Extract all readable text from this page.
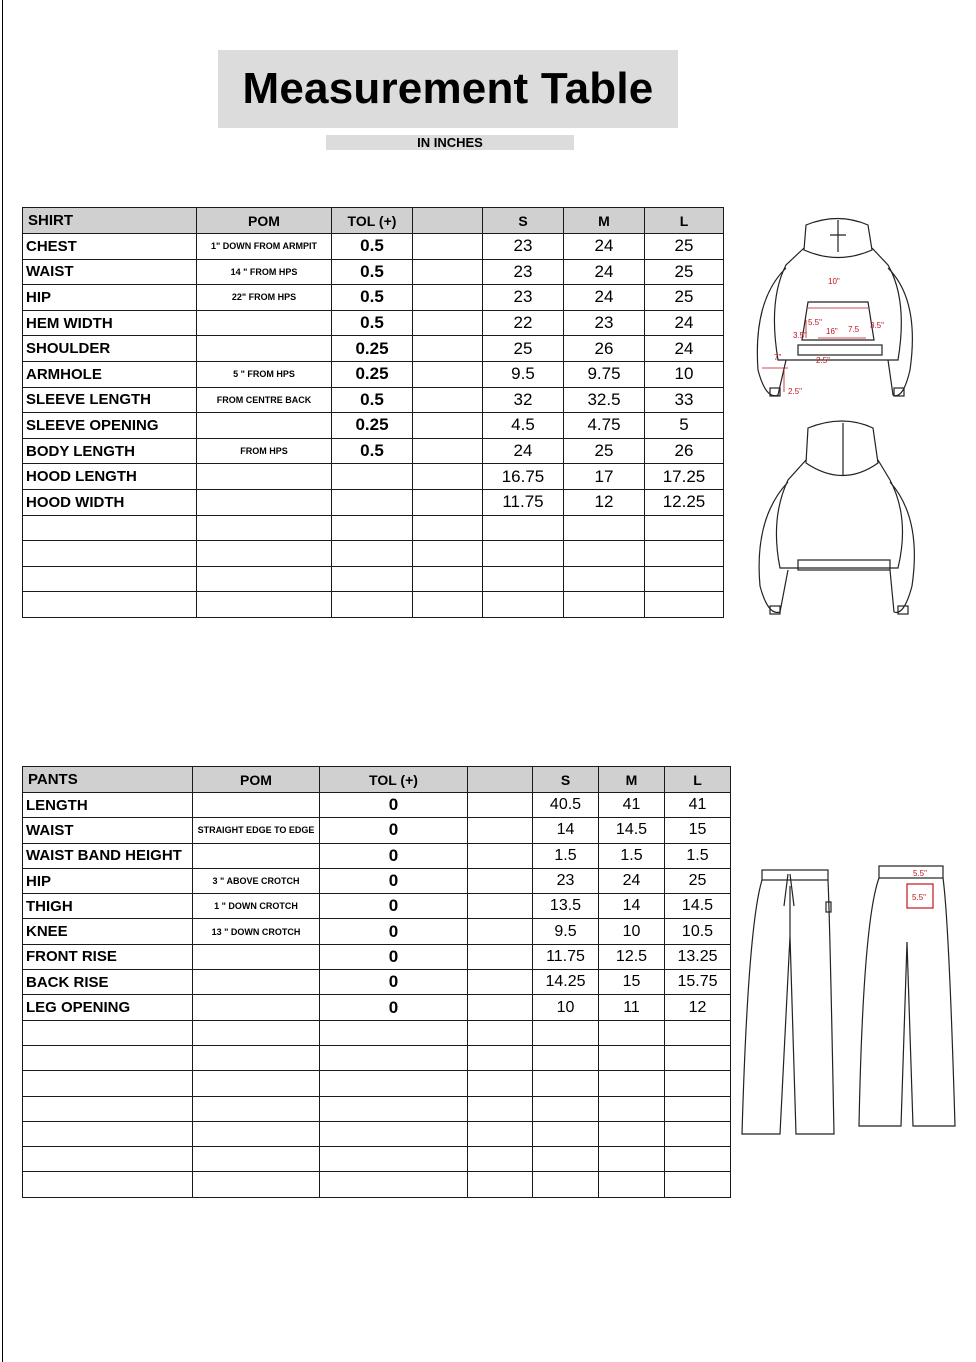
Measurement Table
IN INCHES
SHIRT	POM	TOL (+)		S	M	L
CHEST	1" DOWN FROM ARMPIT	0.5		23	24	25
WAIST	14 " FROM HPS	0.5		23	24	25
HIP	22" FROM HPS	0.5		23	24	25
HEM WIDTH		0.5		22	23	24
SHOULDER		0.25		25	26	24
ARMHOLE	5 " FROM HPS	0.25		9.5	9.75	10
SLEEVE LENGTH	FROM CENTRE BACK	0.5		32	32.5	33
SLEEVE OPENING		0.25		4.5	4.75	5
BODY LENGTH	FROM HPS	0.5		24	25	26
HOOD LENGTH				16.75	17	17.25
HOOD WIDTH				11.75	12	12.25

PANTS	POM	TOL (+)		S	M	L
LENGTH		0		40.5	41	41
WAIST	STRAIGHT EDGE TO EDGE	0		14	14.5	15
WAIST BAND HEIGHT		0		1.5	1.5	1.5
HIP	3 " ABOVE CROTCH	0		23	24	25
THIGH	1 " DOWN CROTCH	0		13.5	14	14.5
KNEE	13 " DOWN CROTCH	0		9.5	10	10.5
FRONT RISE		0		11.75	12.5	13.25
BACK RISE		0		14.25	15	15.75
LEG OPENING		0		10	11	12

10"
3.5"
5.5"
16" 7.5 3.5"
2.5"
7"
2.5"
5.5"
5.5"
